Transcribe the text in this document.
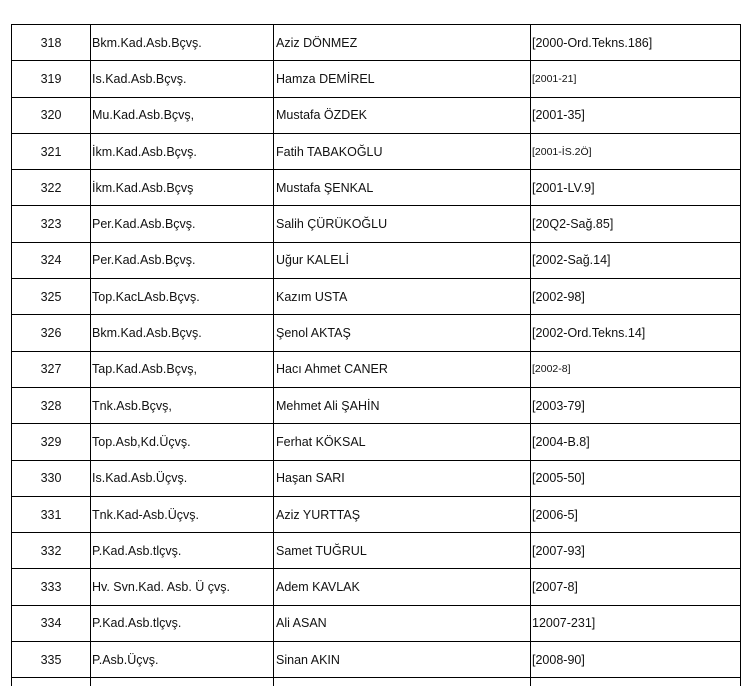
318	Bkm.Kad.Asb.Bçvş.	Aziz DÖNMEZ	[2000-Ord.Tekns.186]
319	Is.Kad.Asb.Bçvş.	Hamza DEMİREL	[2001-21]
320	Mu.Kad.Asb.Bçvş,	Mustafa ÖZDEK	[2001-35]
321	İkm.Kad.Asb.Bçvş.	Fatih TABAKOĞLU	[2001-İS.2Ö]
322	İkm.Kad.Asb.Bçvş	Mustafa ŞENKAL	[2001-LV.9]
323	Per.Kad.Asb.Bçvş.	Salih ÇÜRÜKOĞLU	[20Q2-Sağ.85]
324	Per.Kad.Asb.Bçvş.	Uğur KALELİ	[2002-Sağ.14]
325	Top.KacLAsb.Bçvş.	Kazım USTA	[2002-98]
326	Bkm.Kad.Asb.Bçvş.	Şenol AKTAŞ	[2002-Ord.Tekns.14]
327	Tap.Kad.Asb.Bçvş,	Hacı Ahmet CANER	[2002-8]
328	Tnk.Asb.Bçvş,	Mehmet Ali ŞAHİN	[2003-79]
329	Top.Asb,Kd.Üçvş.	Ferhat KÖKSAL	[2004-B.8]
330	Is.Kad.Asb.Üçvş.	Haşan SARI	[2005-50]
331	Tnk.Kad-Asb.Üçvş.	Aziz YURTTAŞ	[2006-5]
332	P.Kad.Asb.tlçvş.	Samet TUĞRUL	[2007-93]
333	Hv. Svn.Kad. Asb. Ü çvş.	Adem KAVLAK	[2007-8]
334	P.Kad.Asb.tlçvş.	Ali ASAN	12007-231]
335	P.Asb.Üçvş.	Sinan AKIN	[2008-90]
